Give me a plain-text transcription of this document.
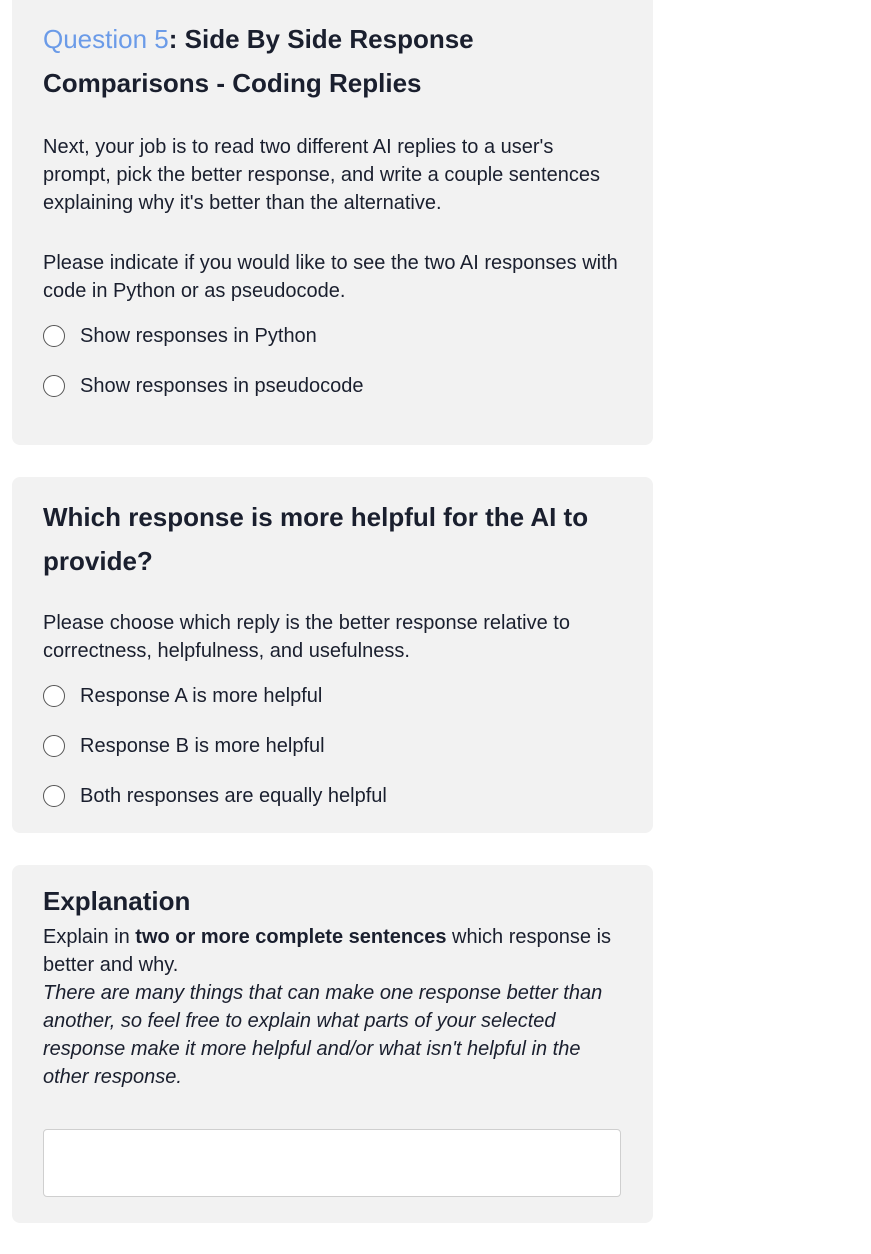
Question 5: Side By Side Response Comparisons - Coding Replies

Next, your job is to read two different AI replies to a user's prompt, pick the better response, and write a couple sentences explaining why it's better than the alternative.

Please indicate if you would like to see the two AI responses with code in Python or as pseudocode.

Show responses in Python
Show responses in pseudocode
Which response is more helpful for the AI to provide?

Please choose which reply is the better response relative to correctness, helpfulness, and usefulness.

Response A is more helpful
Response B is more helpful
Both responses are equally helpful
Explanation

Explain in two or more complete sentences which response is better and why.

There are many things that can make one response better than another, so feel free to explain what parts of your selected response make it more helpful and/or what isn't helpful in the other response.
